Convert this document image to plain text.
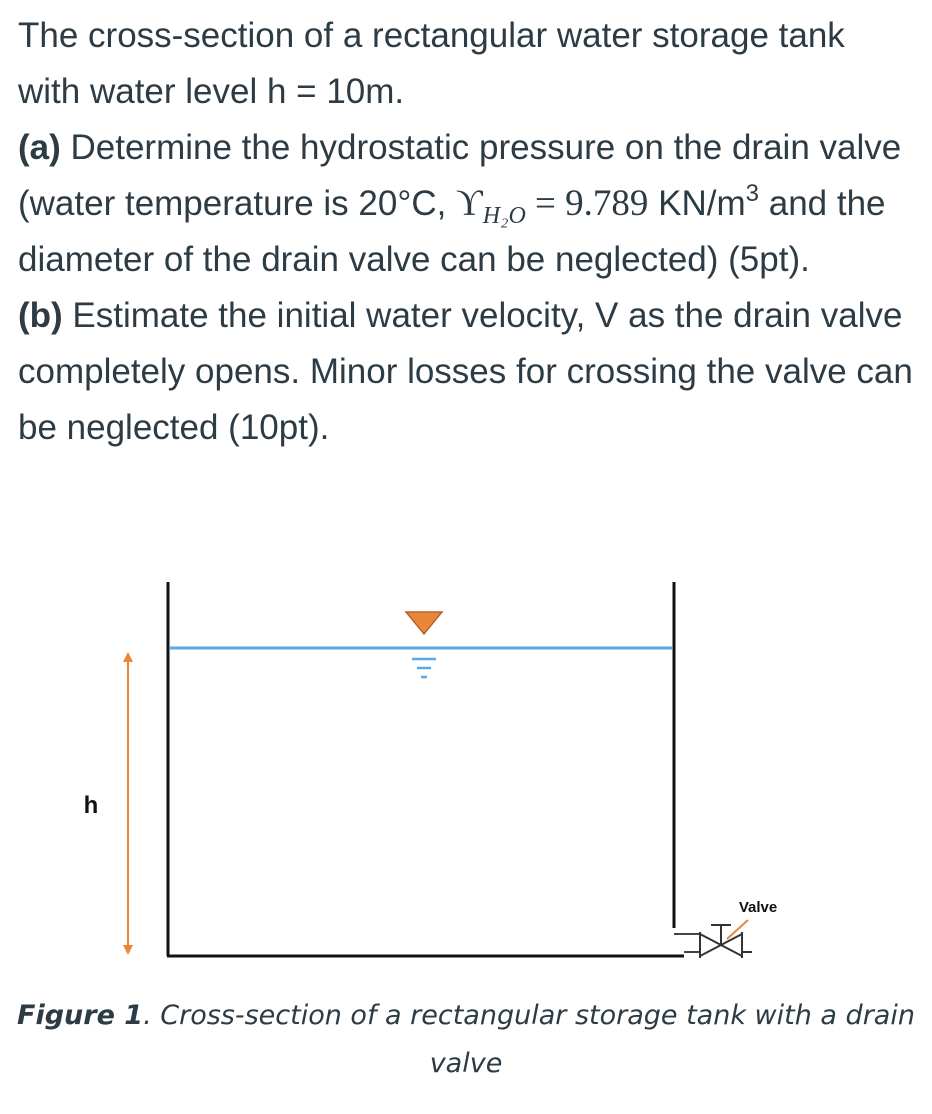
The cross-section of a rectangular water storage tank
with water level h = 10m.

(a) Determine the hydrostatic pressure on the drain valve (water temperature is 20°C, $ϒ_{H_2O} = 9.789$ $KN/m^3$ and the diameter of the drain valve can be neglected) (5pt).

(b) Estimate the initial water velocity, V as the drain valve completely opens. Minor losses for crossing the valve can be neglected (10pt).

h
Valve
Figure 1. Cross-section of a rectangular storage tank with a drain valve
